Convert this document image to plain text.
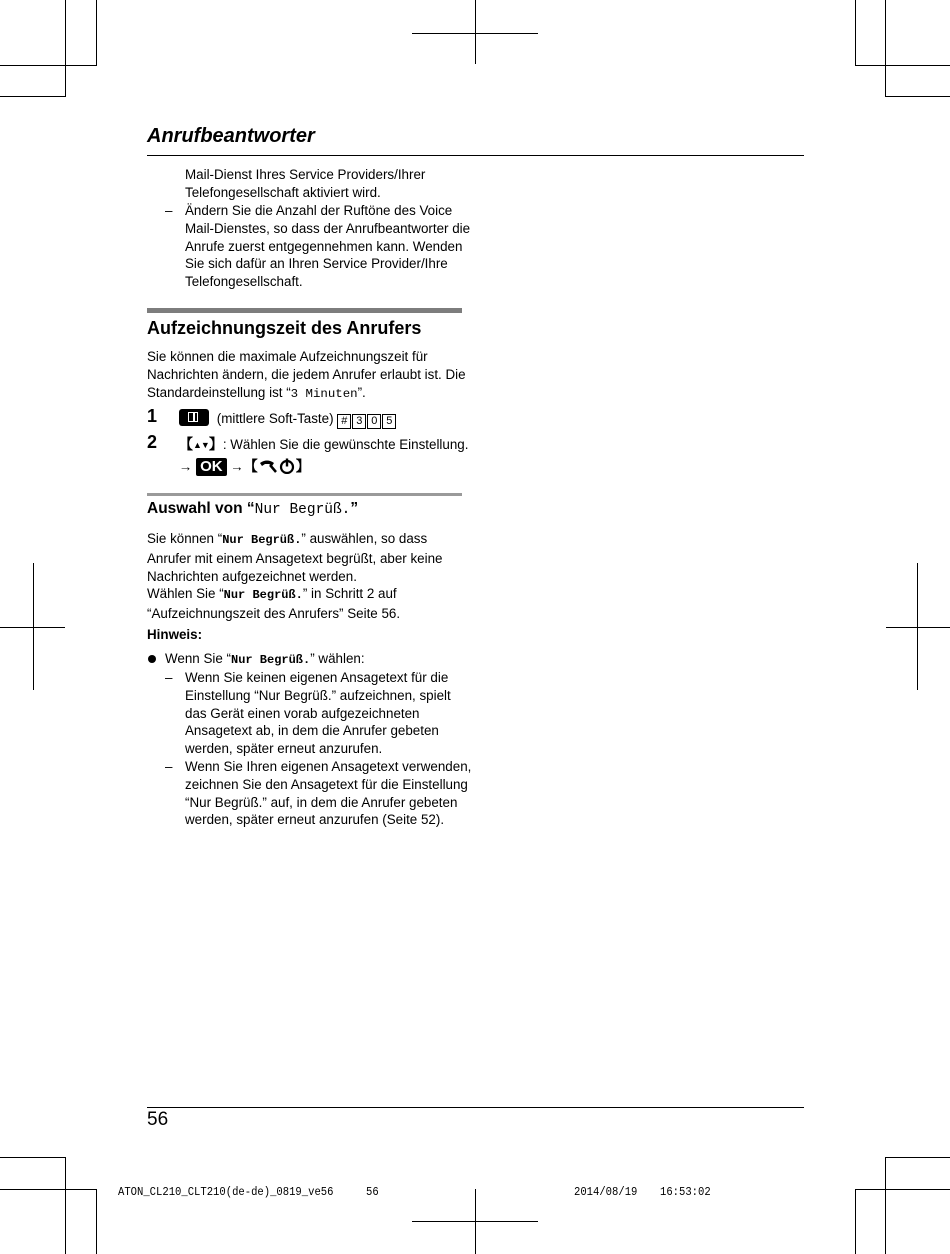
Anrufbeantworter
Mail-Dienst Ihres Service Providers/Ihrer Telefongesellschaft aktiviert wird.
– Ändern Sie die Anzahl der Ruftöne des Voice Mail-Dienstes, so dass der Anrufbeantworter die Anrufe zuerst entgegennehmen kann. Wenden Sie sich dafür an Ihren Service Provider/Ihre Telefongesellschaft.
Aufzeichnungszeit des Anrufers
Sie können die maximale Aufzeichnungszeit für Nachrichten ändern, die jedem Anrufer erlaubt ist. Die Standardeinstellung ist “3 Minuten”.
1	(mittlere Soft-Taste) # 3 0 5
2 【▲▼】: Wählen Sie die gewünschte Einstellung.
→ OK →【	】
Auswahl von “Nur Begrüß.”
Sie können “Nur Begrüß.” auswählen, so dass Anrufer mit einem Ansagetext begrüßt, aber keine Nachrichten aufgezeichnet werden.
Wählen Sie “Nur Begrüß.” in Schritt 2 auf “Aufzeichnungszeit des Anrufers” Seite 56.
Hinweis:
Wenn Sie “Nur Begrüß.” wählen:
– Wenn Sie keinen eigenen Ansagetext für die Einstellung “Nur Begrüß.” aufzeichnen, spielt das Gerät einen vorab aufgezeichneten Ansagetext ab, in dem die Anrufer gebeten werden, später erneut anzurufen.
– Wenn Sie Ihren eigenen Ansagetext verwenden, zeichnen Sie den Ansagetext für die Einstellung “Nur Begrüß.” auf, in dem die Anrufer gebeten werden, später erneut anzurufen (Seite 52).
56
ATON_CL210_CLT210(de-de)_0819_ve56	56	2014/08/19 16:53:02
